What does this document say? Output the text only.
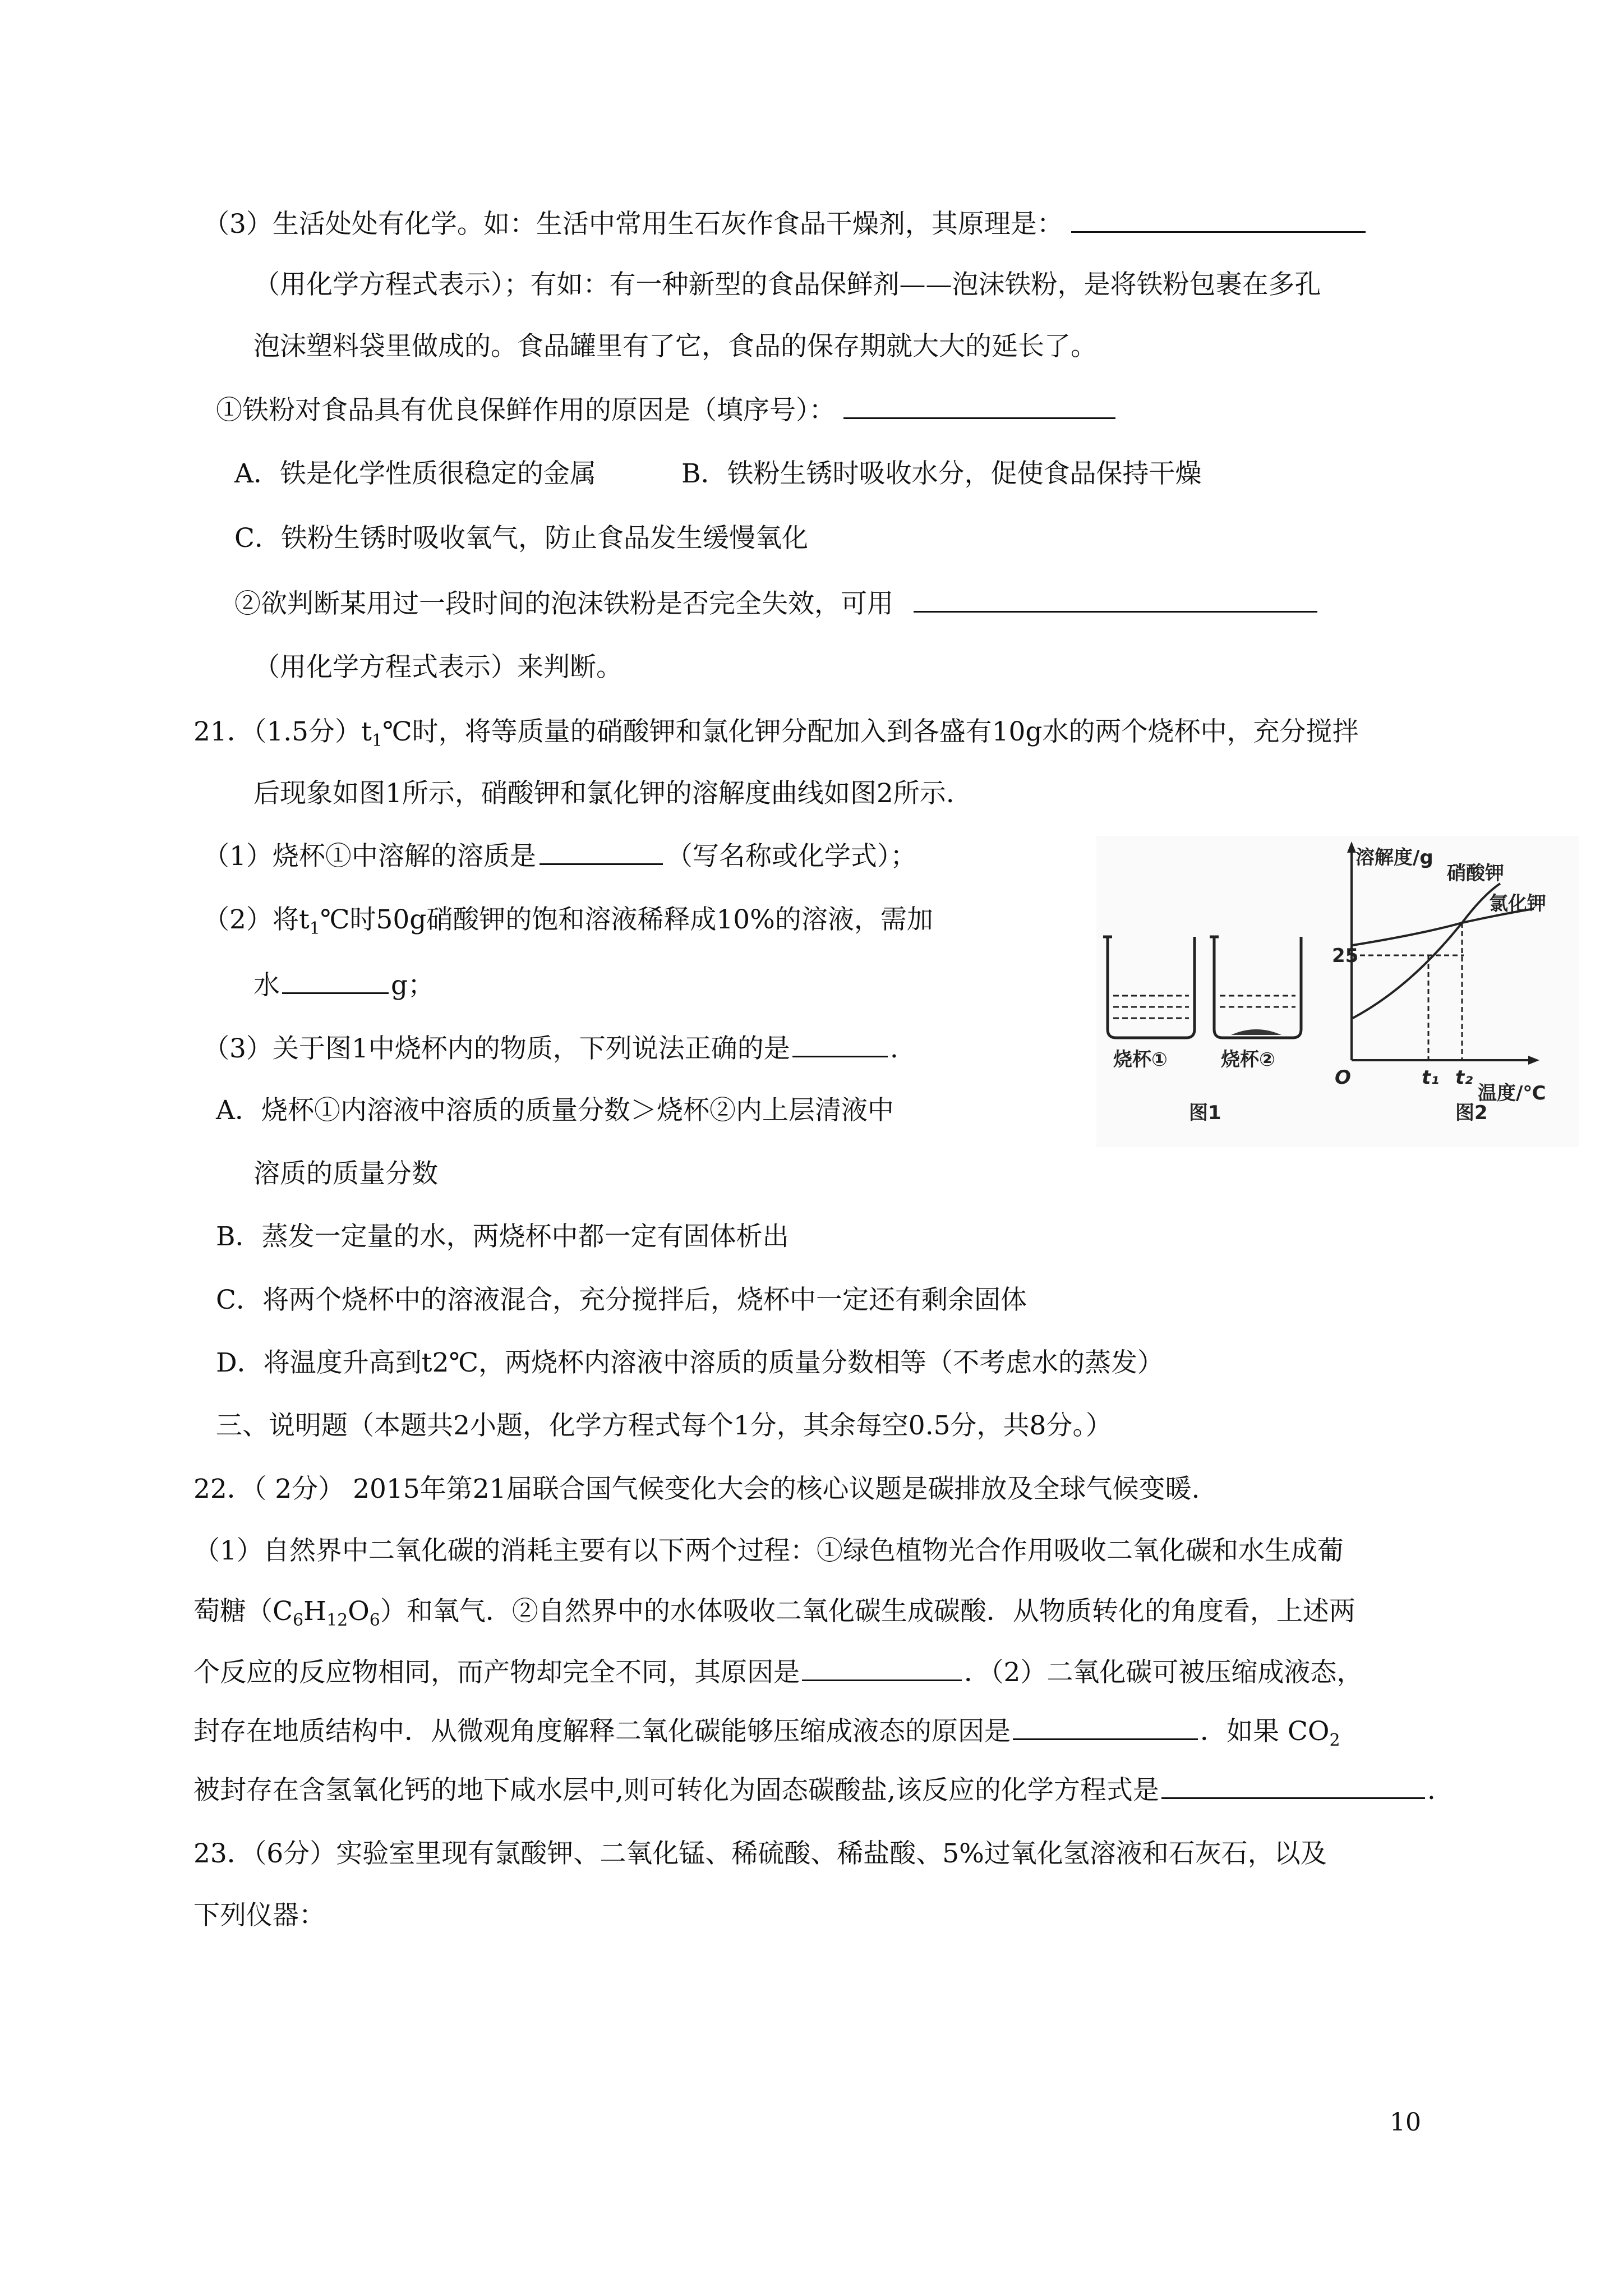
（3）生活处处有化学。如：生活中常用生石灰作食品干燥剂，其原理是：
（用化学方程式表示）；有如：有一种新型的食品保鲜剂——泡沫铁粉，是将铁粉包裹在多孔
泡沫塑料袋里做成的。食品罐里有了它，食品的保存期就大大的延长了。
①铁粉对食品具有优良保鲜作用的原因是（填序号）：
A．铁是化学性质很稳定的金属	B．铁粉生锈时吸收水分，促使食品保持干燥
C．铁粉生锈时吸收氧气，防止食品发生缓慢氧化
②欲判断某用过一段时间的泡沫铁粉是否完全失效，可用
（用化学方程式表示）来判断。
21．（1.5分）$t_1℃$时，将等质量的硝酸钾和氯化钾分配加入到各盛有10g水的两个烧杯中，充分搅拌
后现象如图1所示，硝酸钾和氯化钾的溶解度曲线如图2所示.
（1）烧杯①中溶解的溶质是	（写名称或化学式）；
（2）将$t_1℃$时50g硝酸钾的饱和溶液稀释成10%的溶液，需加
水	g；
（3）关于图1中烧杯内的物质，下列说法正确的是	.
A．烧杯①内溶液中溶质的质量分数＞烧杯②内上层清液中
溶质的质量分数
B．蒸发一定量的水，两烧杯中都一定有固体析出
C．将两个烧杯中的溶液混合，充分搅拌后，烧杯中一定还有剩余固体
D．将温度升高到t2℃，两烧杯内溶液中溶质的质量分数相等（不考虑水的蒸发）
三、说明题（本题共2小题，化学方程式每个1分，其余每空0.5分，共8分。）
22．（ 2分） 2015年第21届联合国气候变化大会的核心议题是碳排放及全球气候变暖.
（1）自然界中二氧化碳的消耗主要有以下两个过程：①绿色植物光合作用吸收二氧化碳和水生成葡
萄糖$(C_6H_{12}O_6)$和氧气．②自然界中的水体吸收二氧化碳生成碳酸．从物质转化的角度看，上述两
个反应的反应物相同，而产物却完全不同，其原因是	．（2）二氧化碳可被压缩成液态，
封存在地质结构中．从微观角度解释二氧化碳能够压缩成液态的原因是	．如果 $CO_2$
被封存在含氢氧化钙的地下咸水层中,则可转化为固态碳酸盐,该反应的化学方程式是	.
23．（6分）实验室里现有氯酸钾、二氧化锰、稀硫酸、稀盐酸、5%过氧化氢溶液和石灰石，以及
下列仪器：
烧杯①	烧杯②
图1
溶解度/g
25
O	t₁ t₂
温度/℃
图2
硝酸钾
氯化钾
10
